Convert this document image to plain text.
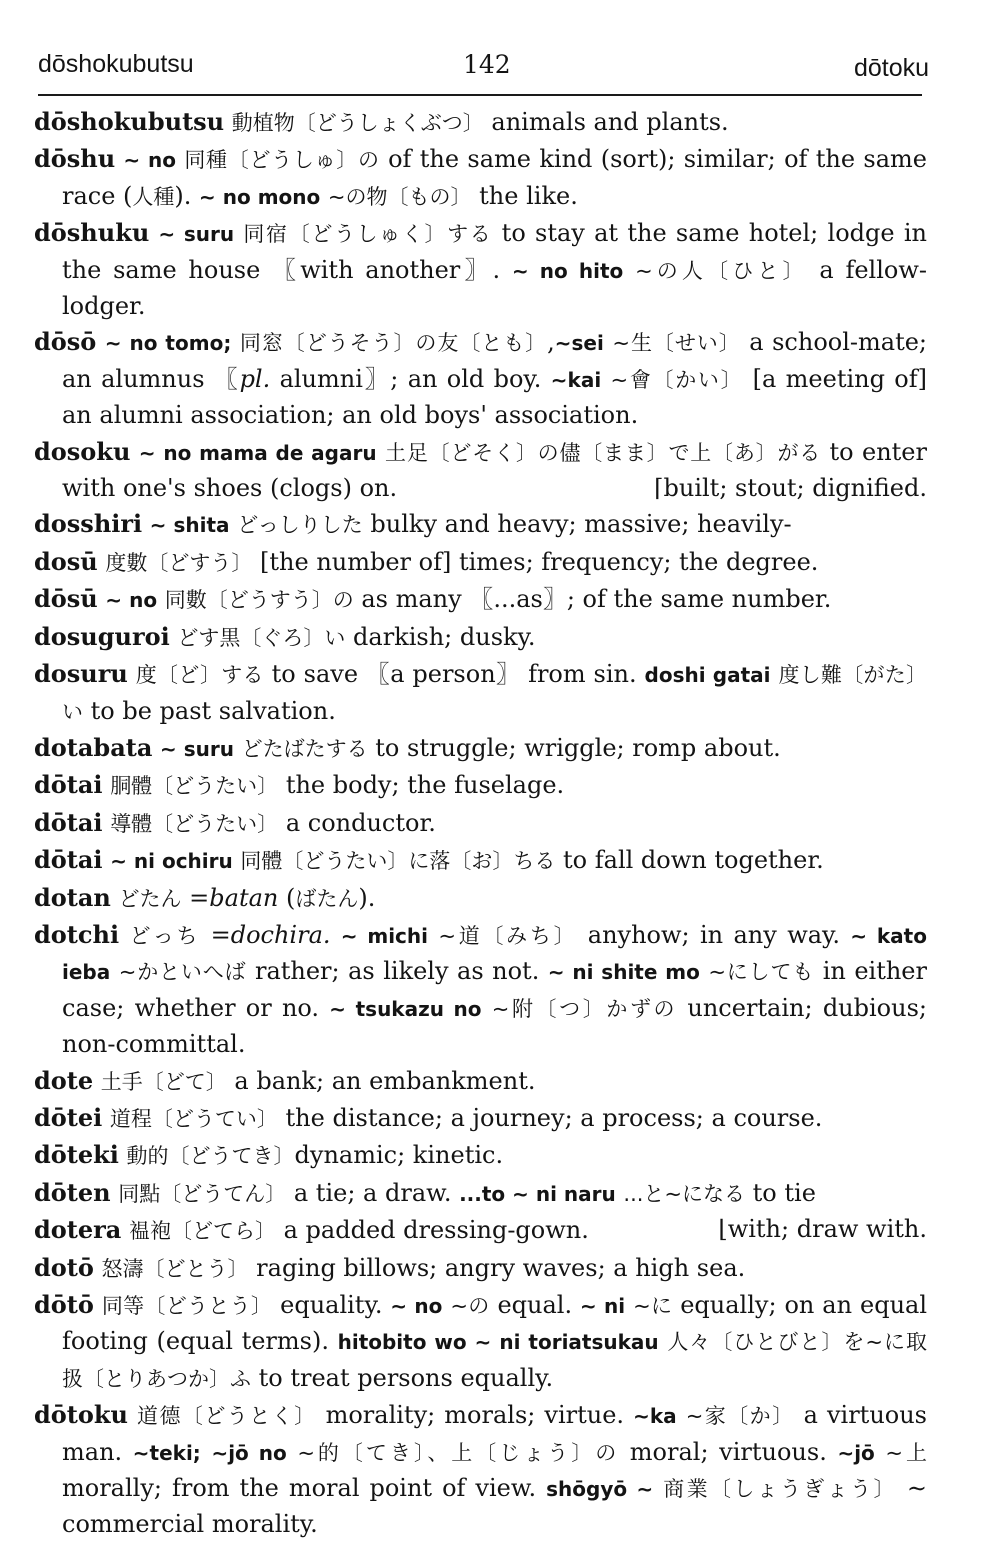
dōshokubutsu	142	dōtoku

dōshokubutsu 動植物〔どうしょくぶつ〕 animals and plants.

dōshu ∼ no 同種〔どうしゅ〕の of the same kind (sort); similar; of the same race (人種). ∼ no mono ∼の物〔もの〕 the like.

dōshuku ∼ suru 同宿〔どうしゅく〕する to stay at the same hotel; lodge in the same house 〖with another〗. ∼ no hito ∼の人〔ひと〕 a fellow-lodger.

dōsō ∼ no tomo; 同窓〔どうそう〕の友〔とも〕,∼sei ∼生〔せい〕 a school-mate; an alumnus 〖pl. alumni〗; an old boy. ∼kai ∼會〔かい〕 [a meeting of] an alumni association; an old boys' association.

dosoku ∼ no mama de agaru 土足〔どそく〕の儘〔まま〕で上〔あ〕がる to enter with one's shoes (clogs) on.	⌈built; stout; dignified.

dosshiri ∼ shita どっしりした bulky and heavy; massive; heavily-

dosū 度數〔どすう〕 [the number of] times; frequency; the degree.

dōsū ∼ no 同數〔どうすう〕の as many 〖...as〗; of the same number.

dosuguroi どす黒〔ぐろ〕い darkish; dusky.

dosuru 度〔ど〕する to save 〖a person〗 from sin. doshi gatai 度し難〔がた〕い to be past salvation.

dotabata ∼ suru どたばたする to struggle; wriggle; romp about.

dōtai 胴體〔どうたい〕 the body; the fuselage.

dōtai 導體〔どうたい〕 a conductor.

dōtai ∼ ni ochiru 同體〔どうたい〕に落〔お〕ちる to fall down together.

dotan どたん =batan (ばたん).

dotchi どっち =dochira. ∼ michi ∼道〔みち〕 anyhow; in any way. ∼ kato ieba ∼かといへば rather; as likely as not. ∼ ni shite mo ∼にしても in either case; whether or no. ∼ tsukazu no ∼附〔つ〕かずの uncertain; dubious; non-committal.

dote 土手〔どて〕 a bank; an embankment.

dōtei 道程〔どうてい〕 the distance; a journey; a process; a course.

dōteki 動的〔どうてき〕dynamic; kinetic.

dōten 同點〔どうてん〕 a tie; a draw. ...to ∼ ni naru ...と∼になる to tie

dotera 褞袍〔どてら〕 a padded dressing-gown.	⌊with; draw with.

dotō 怒濤〔どとう〕 raging billows; angry waves; a high sea.

dōtō 同等〔どうとう〕 equality. ∼ no ∼の equal. ∼ ni ∼に equally; on an equal footing (equal terms). hitobito wo ∼ ni toriatsukau 人々〔ひとびと〕を∼に取扱〔とりあつか〕ふ to treat persons equally.

dōtoku 道德〔どうとく〕 morality; morals; virtue. ∼ka ∼家〔か〕 a virtuous man. ∼teki; ∼jō no ∼的〔てき〕、上〔じょう〕の moral; virtuous. ∼jō ∼上 morally; from the moral point of view. shōgyō ∼ 商業〔しょうぎょう〕 ∼ commercial morality.
